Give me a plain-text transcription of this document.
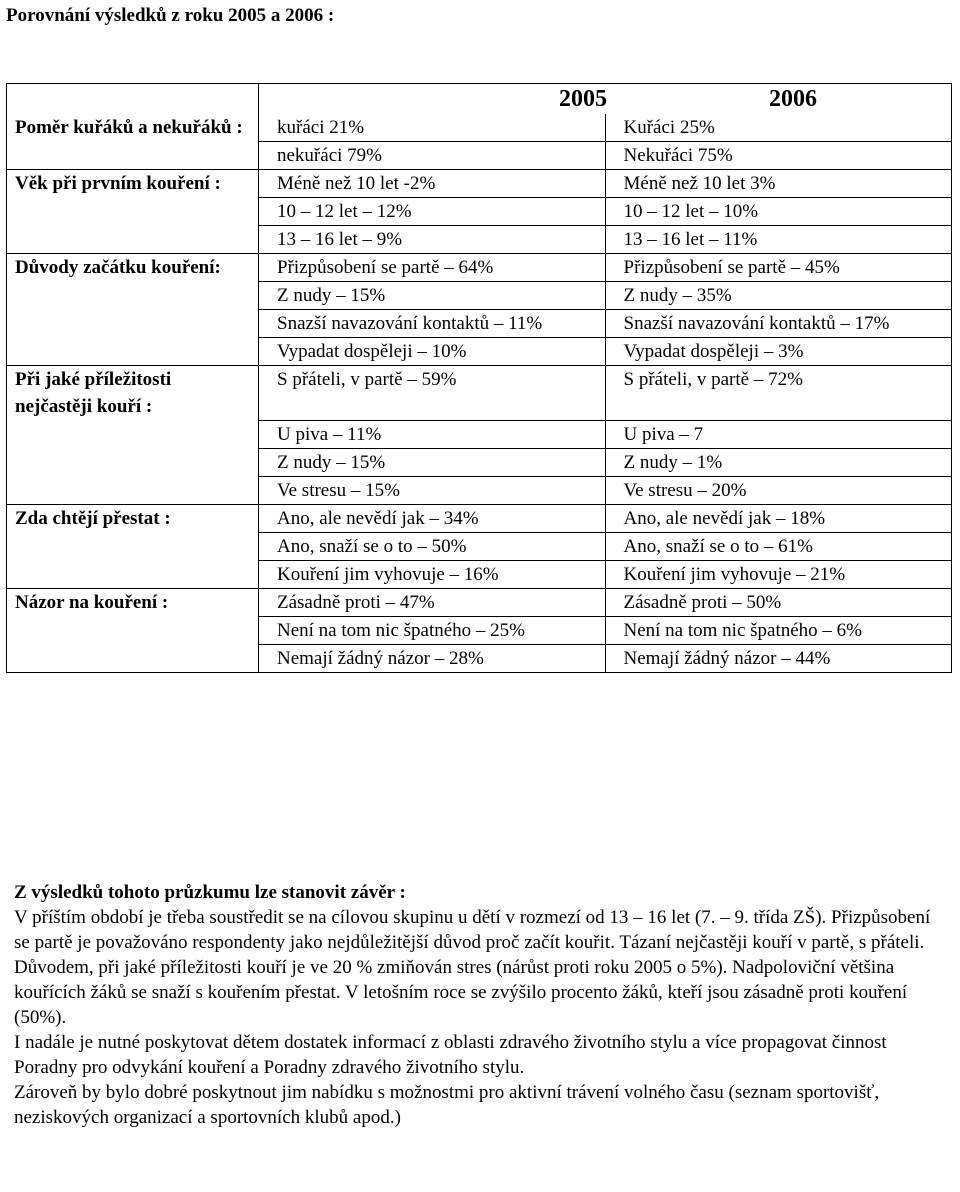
Porovnání výsledků z roku 2005 a 2006 :
	2005 2006	
Poměr kuřáků a nekuřáků :	kuřáci 21%	Kuřáci 25%
	nekuřáci 79%	Nekuřáci 75%
Věk při prvním kouření :	Méně než 10 let -2%	Méně než 10 let 3%
	10 – 12 let – 12%	10 – 12 let – 10%
	13 – 16 let – 9%	13 – 16 let – 11%
Důvody začátku kouření:	Přizpůsobení se partě – 64%	Přizpůsobení se partě – 45%
	Z nudy – 15%	Z nudy – 35%
	Snazší navazování kontaktů – 11%	Snazší navazování kontaktů – 17%
	Vypadat dospěleji – 10%	Vypadat dospěleji – 3%
Při jaké příležitosti nejčastěji kouří :	S přáteli, v partě – 59%	S přáteli, v partě – 72%
	U piva – 11%	U piva – 7
	Z nudy – 15%	Z nudy – 1%
	Ve stresu – 15%	Ve stresu – 20%
Zda chtějí přestat :	Ano, ale nevědí jak – 34%	Ano, ale nevědí jak – 18%
	Ano, snaží se o to – 50%	Ano, snaží se o to – 61%
	Kouření jim vyhovuje – 16%	Kouření jim vyhovuje – 21%
Názor na kouření :	Zásadně proti – 47%	Zásadně proti – 50%
	Není na tom nic špatného – 25%	Není na tom nic špatného – 6%
	Nemají žádný názor – 28%	Nemají žádný názor – 44%

Z výsledků tohoto průzkumu lze stanovit závěr :

V příštím období je třeba soustředit se na cílovou skupinu u dětí v rozmezí od 13 – 16 let (7. – 9. třída ZŠ). Přizpůsobení se partě je považováno respondenty jako nejdůležitější důvod proč začít kouřit. Tázaní nejčastěji kouří v partě, s přáteli. Důvodem, při jaké příležitosti kouří je ve 20 % zmiňován stres (nárůst proti roku 2005 o 5%). Nadpoloviční většina kouřících žáků se snaží s kouřením přestat. V letošním roce se zvýšilo procento žáků, kteří jsou zásadně proti kouření (50%).

I nadále je nutné poskytovat dětem dostatek informací z oblasti zdravého životního stylu a více propagovat činnost Poradny pro odvykání kouření a Poradny zdravého životního stylu.

Zároveň by bylo dobré poskytnout jim nabídku s možnostmi pro aktivní trávení volného času (seznam sportovišť, neziskových organizací a sportovních klubů apod.)
